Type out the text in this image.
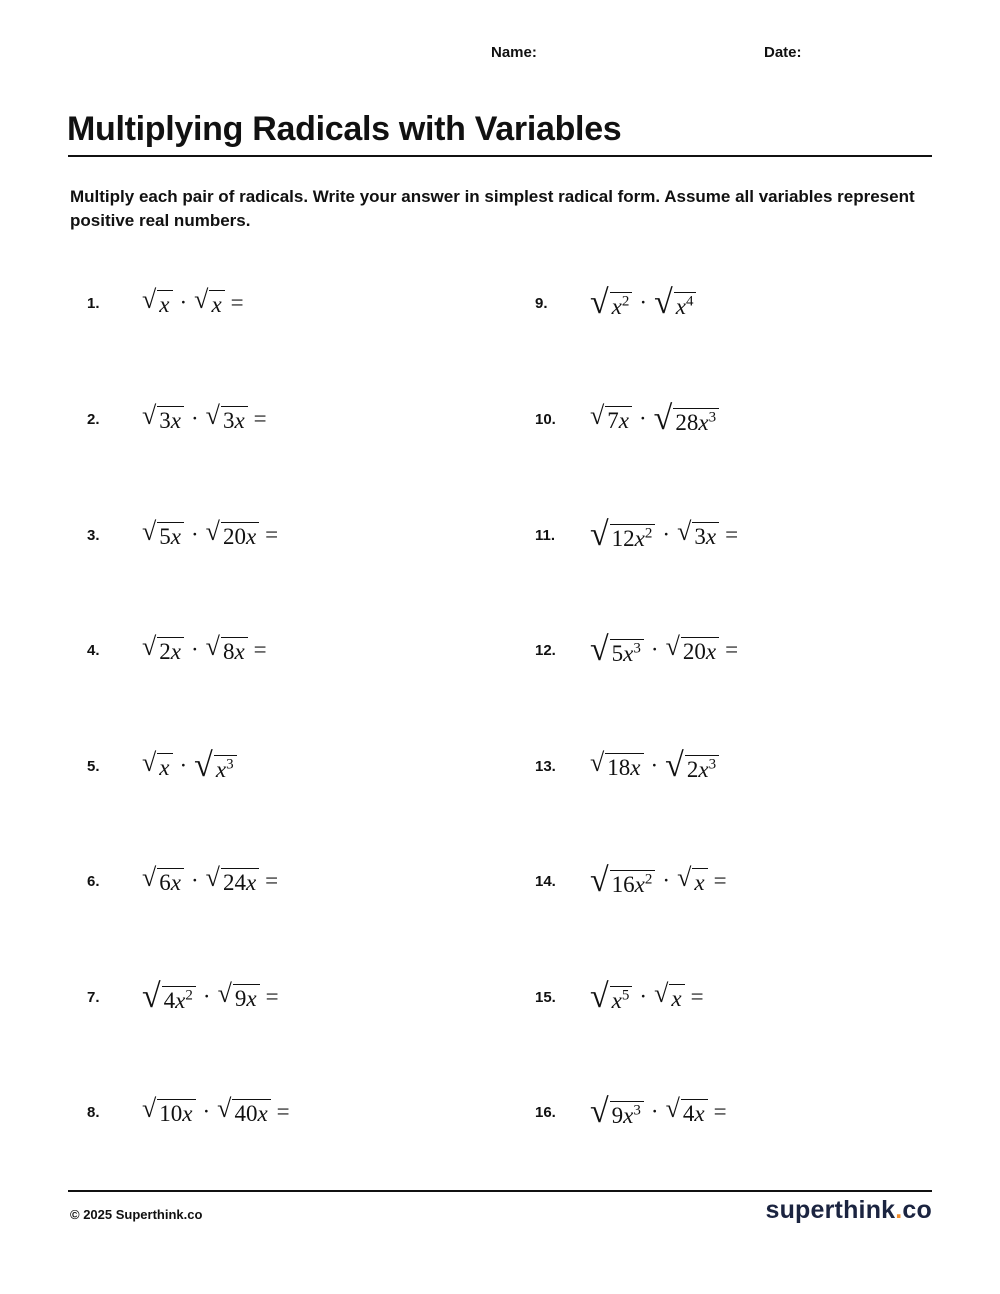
Name:	Date:
Multiplying Radicals with Variables
Multiply each pair of radicals. Write your answer in simplest radical form. Assume all variables represent positive real numbers.
1. √ x · √ x =
2. √ 3x · √ 3x =
3. √ 5x · √ 20x =
4. √ 2x · √ 8x =
5. √ x · √ $x^3$
6. √ 6x · √ 24x =
7. √ $4x^2$ · √ 9x =
8. √ 10x · √ 40x =
9. √ $x^2$ · √ $x^4$
10. √ 7x · √ $28x^3$
11. √ $12x^2$ · √ 3x =
12. √ $5x^3$ · √ 20x =
13. √ 18x · √ $2x^3$
14. √ $16x^2$ · √ x =
15. √ $x^5$ · √ x =
16. √ $9x^3$ · √ 4x =
© 2025 Superthink.co	superthink.co
